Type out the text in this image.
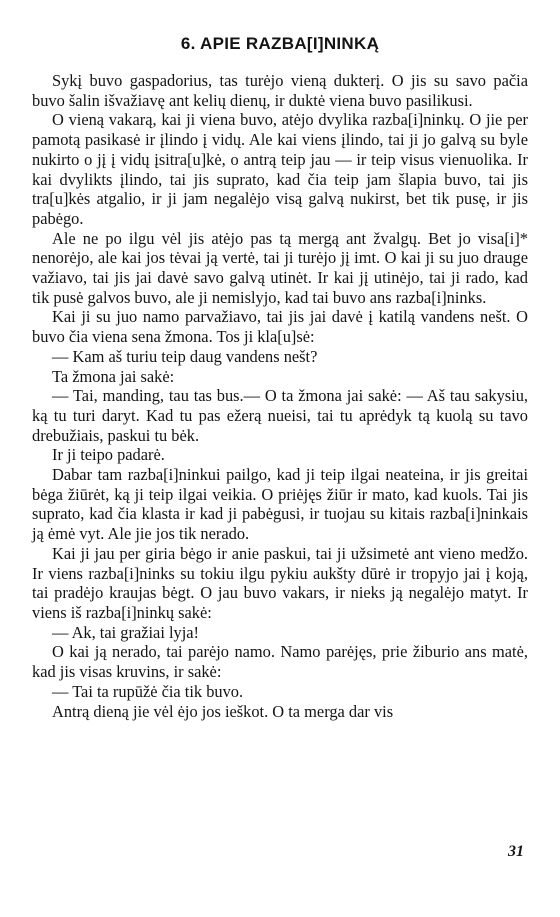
6. APIE RAZBA[I]NINKĄ

Sykį buvo gaspadorius, tas turėjo vieną dukterį. O jis su savo pačia buvo šalin išvažiavę ant kelių dienų, ir duktė viena buvo pasilikusi.

O vieną vakarą, kai ji viena buvo, atėjo dvylika razba[i]ninkų. O jie per pamotą pasikasė ir įlindo į vidų. Ale kai viens įlindo, tai ji jo galvą su byle nukirto o jį į vidų įsitra[u]kė, o antrą teip jau — ir teip visus vienuolika. Ir kai dvylikts įlindo, tai jis suprato, kad čia teip jam šlapia buvo, tai jis tra[u]kės atgalio, ir ji jam negalėjo visą galvą nukirst, bet tik pusę, ir jis pabėgo.

Ale ne po ilgu vėl jis atėjo pas tą mergą ant žvalgų. Bet jo visa[i]* nenorėjo, ale kai jos tėvai ją vertė, tai ji turėjo jį imt. O kai ji su juo drauge važiavo, tai jis jai davė savo galvą utinėt. Ir kai jį utinėjo, tai ji rado, kad tik pusė galvos buvo, ale ji nemislyjo, kad tai buvo ans razba[i]ninks.

Kai ji su juo namo parvažiavo, tai jis jai davė į katilą vandens nešt. O buvo čia viena sena žmona. Tos ji kla[u]sė:

— Kam aš turiu teip daug vandens nešt?

Ta žmona jai sakė:

— Tai, manding, tau tas bus.— O ta žmona jai sakė: — Aš tau sakysiu, ką tu turi daryt. Kad tu pas ežerą nueisi, tai tu aprėdyk tą kuolą su tavo drebužiais, paskui tu bėk.

Ir ji teipo padarė.

Dabar tam razba[i]ninkui pailgo, kad ji teip ilgai neateina, ir jis greitai bėga žiūrėt, ką ji teip ilgai veikia. O priėjęs žiūr ir mato, kad kuols. Tai jis suprato, kad čia klasta ir kad ji pabėgusi, ir tuojau su kitais razba[i]ninkais ją ėmė vyt. Ale jie jos tik nerado.

Kai ji jau per giria bėgo ir anie paskui, tai ji užsimetė ant vieno medžo. Ir viens razba[i]ninks su tokiu ilgu pykiu aukšty dūrė ir tropyjo jai į koją, tai pradėjo kraujas bėgt. O jau buvo vakars, ir nieks ją negalėjo matyt. Ir viens iš razba[i]ninkų sakė:

— Ak, tai gražiai lyja!

O kai ją nerado, tai parėjo namo. Namo parėjęs, prie žiburio ans matė, kad jis visas kruvins, ir sakė:

— Tai ta rupūžė čia tik buvo.

Antrą dieną jie vėl ėjo jos ieškot. O ta merga dar vis

31
